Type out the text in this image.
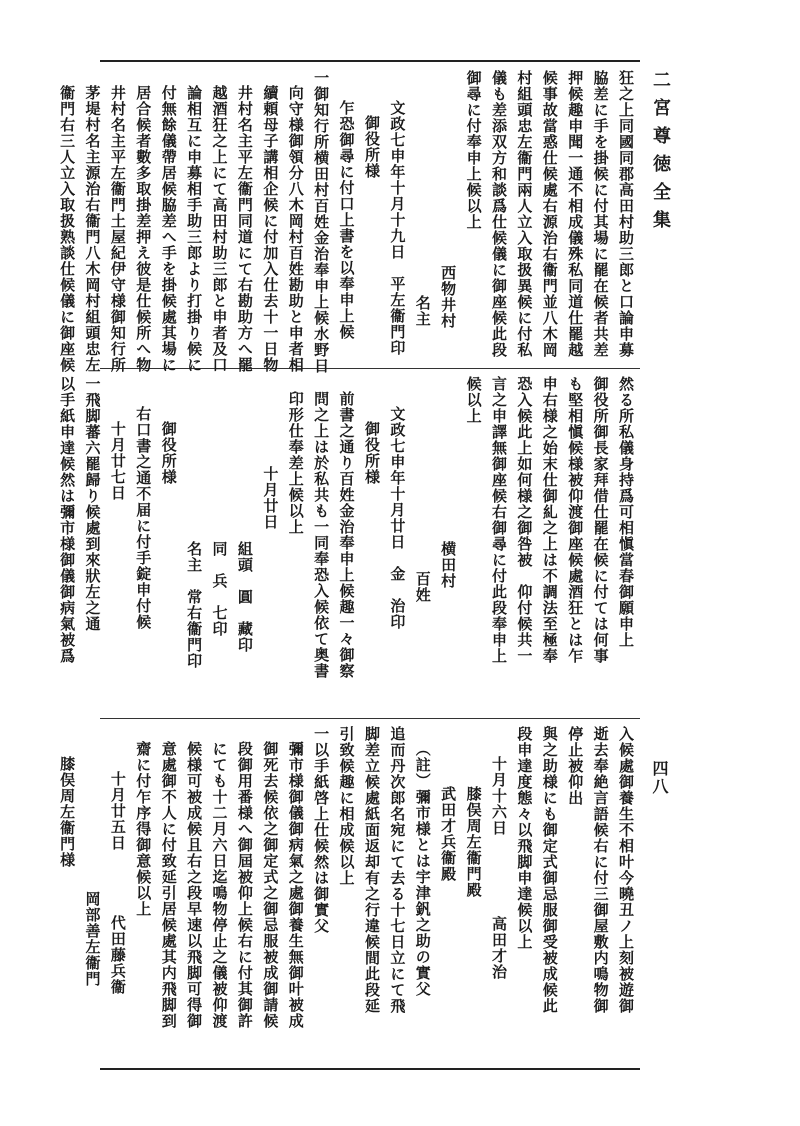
二宮尊徳全集
四八
狂之上同國同郡高田村助三郎と口論申募
脇差に手を掛候に付其場に罷在候者共差
押候趣申聞一通不相成儀殊私同道仕罷越
候事故當惑仕候處右源治右衞門並八木岡
村組頭忠左衞門兩人立入取扱異候に付私
儀も差添双方和談爲仕候儀に御座候此段
御尋に付奉申上候以上
西物井村
名主
文政七申年十月十九日　平左衞門印
御役所様
乍恐御尋に付口上書を以奉申上候
一御知行所横田村百姓金治奉申上候水野日
向守様御領分八木岡村百姓勘助と申者相
續頼母子講相企候に付加入仕去十一日物
井村名主平左衞門同道にて右勘助方へ罷
越酒狂之上にて高田村助三郎と申者及口
論相互に申募相手助三郎より打掛り候に
付無餘儀帶居候脇差へ手を掛候處其場に
居合候者數多取掛差押え彼是仕候所へ物
井村名主平左衞門土屋紀伊守様御知行所
茅堤村名主源治右衞門八木岡村組頭忠左
衞門右三人立入取扱熟談仕候儀に御座候
然る所私儀身持爲可相愼當春御願申上
御役所御長家拜借仕罷在候に付ては何事
も堅相愼候様被仰渡御座候處酒狂とは乍
申右様之始末仕御糺之上は不調法至極奉
恐入候此上如何様之御咎被　仰付候共一
言之申譯無御座候右御尋に付此段奉申上
候以上
横田村
百姓
文政七申年十月廿日　金　治印
御役所様
前書之通り百姓金治奉申上候趣一々御察
問之上は於私共も一同奉恐入候依て奥書
印形仕奉差上候以上
十月廿日
組頭　圓　藏印
同　兵　七印
名主　常右衞門印
御役所様
右口書之通不届に付手錠申付候
十月廿七日
一飛脚蕃六罷歸り候處到來狀左之通
以手紙申達候然は彌市様御儀御病氣被爲
入候處御養生不相叶今曉丑ノ上刻被遊御
逝去奉絶言語候右に付三御屋敷内鳴物御
停止被仰出
與之助様にも御定式御忌服御受被成候此
段申達度態々以飛脚申達候以上
十月十六日　　　　　高田才治
膝俣周左衞門殿
武田才兵衞殿
（註）彌市様とは宇津釩之助の實父
追而丹次郎名宛にて去る十七日立にて飛
脚差立候處紙面返却有之行違候間此段延
引致候趣に相成候以上
一以手紙啓上仕候然は御實父
彌市様御儀御病氣之處御養生無御叶被成
御死去候依之御定式之御忌服被成御請候
段御用番様へ御屆被仰上候右に付其御許
にても十二月六日迄鳴物停止之儀被仰渡
候様可被成候且右之段早速以飛脚可得御
意處御不人に付致延引居候處其内飛脚到
齋に付乍序得御意候以上
十月廿五日　　　　代田藤兵衞
岡部善左衞門
膝俣周左衞門様
